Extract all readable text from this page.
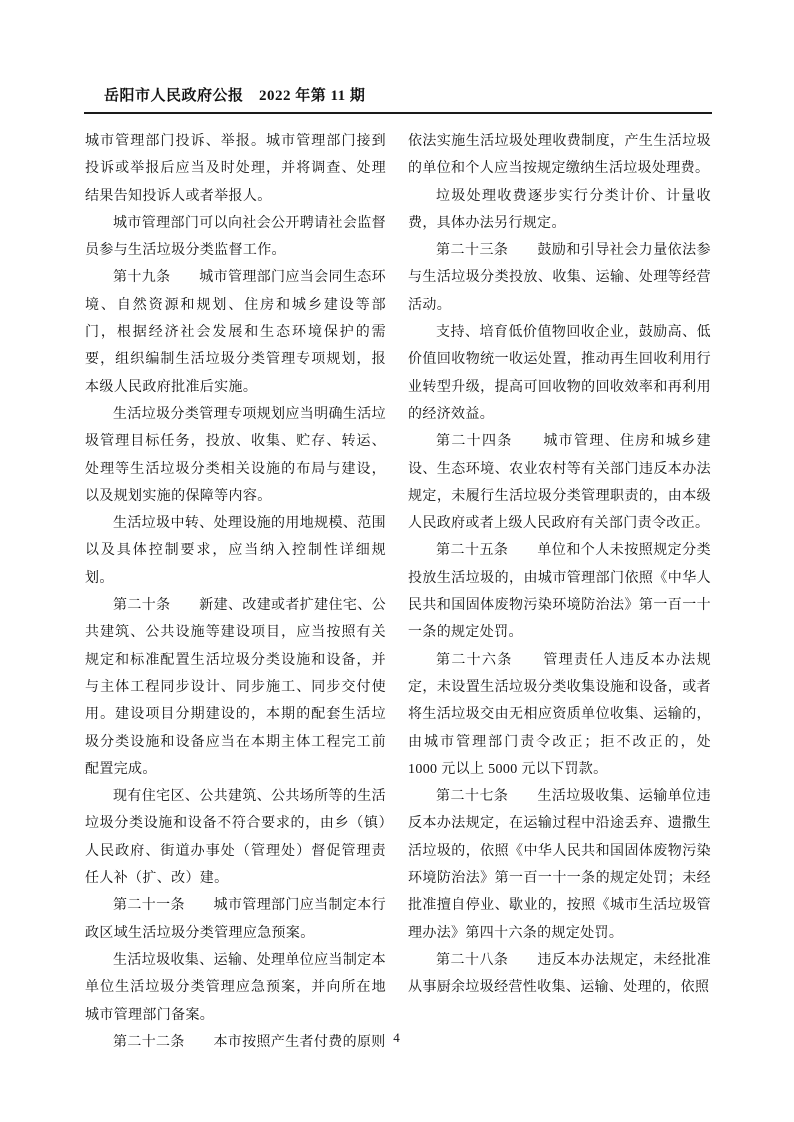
岳阳市人民政府公报　2022 年第 11 期

城市管理部门投诉、举报。城市管理部门接到投诉或举报后应当及时处理，并将调查、处理结果告知投诉人或者举报人。

城市管理部门可以向社会公开聘请社会监督员参与生活垃圾分类监督工作。

第十九条　　城市管理部门应当会同生态环境、自然资源和规划、住房和城乡建设等部门，根据经济社会发展和生态环境保护的需要，组织编制生活垃圾分类管理专项规划，报本级人民政府批准后实施。

生活垃圾分类管理专项规划应当明确生活垃圾管理目标任务，投放、收集、贮存、转运、处理等生活垃圾分类相关设施的布局与建设，以及规划实施的保障等内容。

生活垃圾中转、处理设施的用地规模、范围以及具体控制要求，应当纳入控制性详细规划。

第二十条　　新建、改建或者扩建住宅、公共建筑、公共设施等建设项目，应当按照有关规定和标准配置生活垃圾分类设施和设备，并与主体工程同步设计、同步施工、同步交付使用。建设项目分期建设的，本期的配套生活垃圾分类设施和设备应当在本期主体工程完工前配置完成。

现有住宅区、公共建筑、公共场所等的生活垃圾分类设施和设备不符合要求的，由乡（镇）人民政府、街道办事处（管理处）督促管理责任人补（扩、改）建。

第二十一条　　城市管理部门应当制定本行政区域生活垃圾分类管理应急预案。

生活垃圾收集、运输、处理单位应当制定本单位生活垃圾分类管理应急预案，并向所在地城市管理部门备案。

第二十二条　　本市按照产生者付费的原则

依法实施生活垃圾处理收费制度，产生生活垃圾的单位和个人应当按规定缴纳生活垃圾处理费。

垃圾处理收费逐步实行分类计价、计量收费，具体办法另行规定。

第二十三条　　鼓励和引导社会力量依法参与生活垃圾分类投放、收集、运输、处理等经营活动。

支持、培育低价值物回收企业，鼓励高、低价值回收物统一收运处置，推动再生回收利用行业转型升级，提高可回收物的回收效率和再利用的经济效益。

第二十四条　　城市管理、住房和城乡建设、生态环境、农业农村等有关部门违反本办法规定，未履行生活垃圾分类管理职责的，由本级人民政府或者上级人民政府有关部门责令改正。

第二十五条　　单位和个人未按照规定分类投放生活垃圾的，由城市管理部门依照《中华人民共和国固体废物污染环境防治法》第一百一十一条的规定处罚。

第二十六条　　管理责任人违反本办法规定，未设置生活垃圾分类收集设施和设备，或者将生活垃圾交由无相应资质单位收集、运输的，由城市管理部门责令改正；拒不改正的，处 1000 元以上 5000 元以下罚款。

第二十七条　　生活垃圾收集、运输单位违反本办法规定，在运输过程中沿途丢弃、遗撒生活垃圾的，依照《中华人民共和国固体废物污染环境防治法》第一百一十一条的规定处罚；未经批准擅自停业、歇业的，按照《城市生活垃圾管理办法》第四十六条的规定处罚。

第二十八条　　违反本办法规定，未经批准从事厨余垃圾经营性收集、运输、处理的，依照

4
